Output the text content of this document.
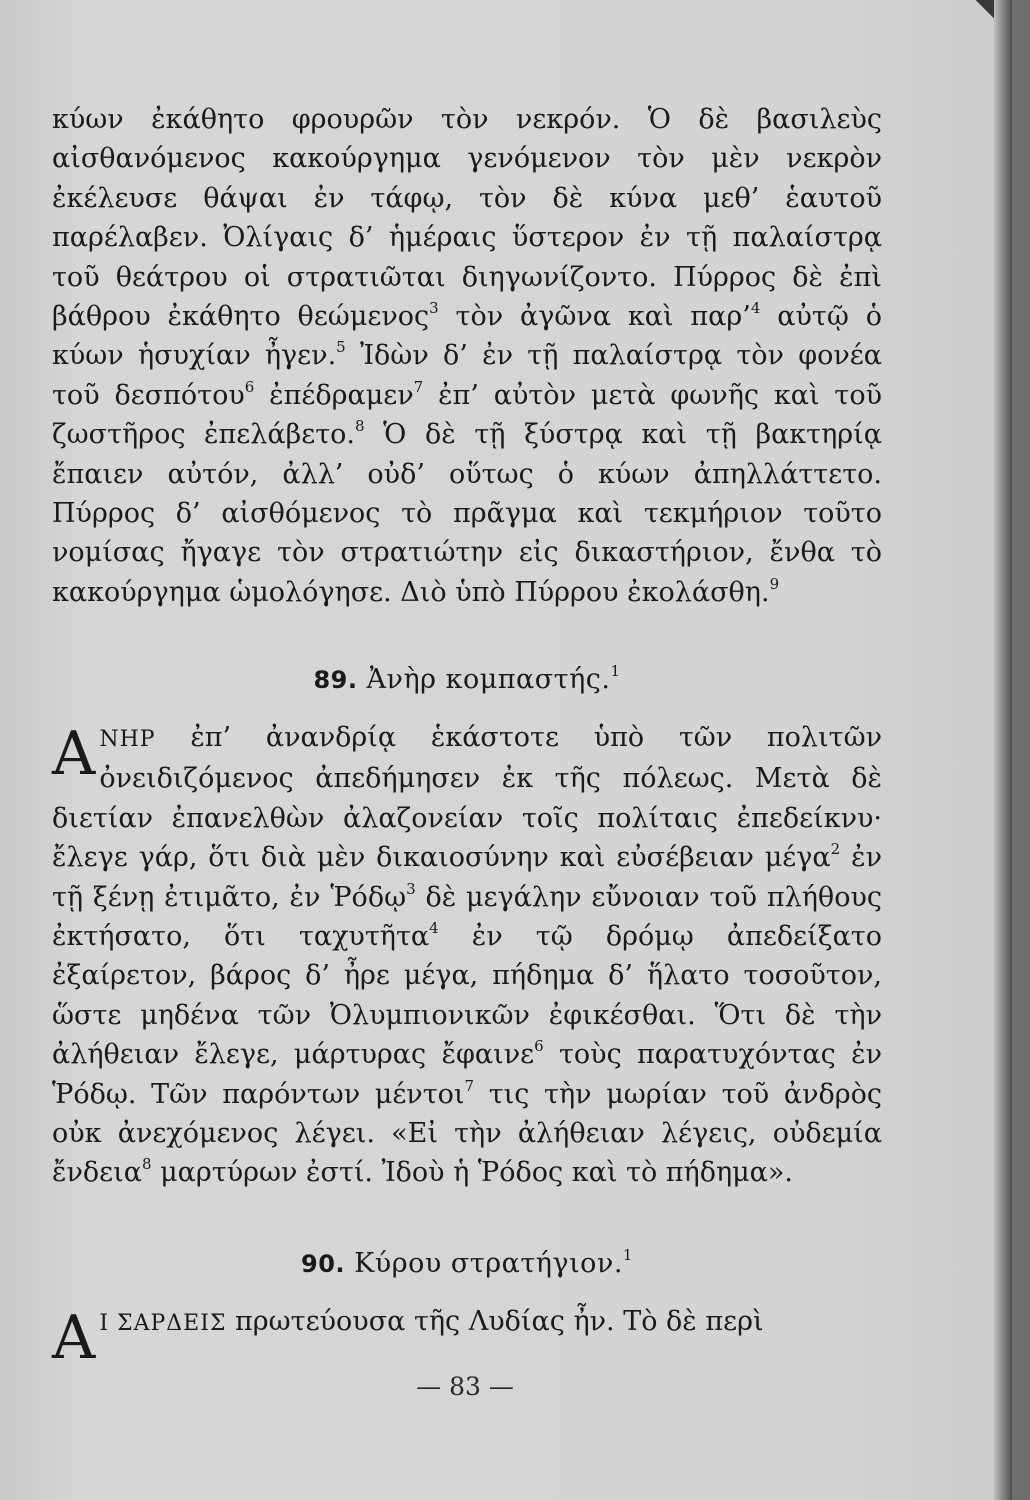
κύων ἐκάθητο φρουρῶν τὸν νεκρόν. Ὁ δὲ βασιλεὺς αἰσθανόμενος κακούργημα γενόμενον τὸν μὲν νεκρὸν ἐκέλευσε θάψαι ἐν τάφῳ, τὸν δὲ κύνα μεθ’ ἑαυτοῦ παρέλαβεν. Ὀλίγαις δ’ ἡμέραις ὕστερον ἐν τῇ παλαίστρᾳ τοῦ θεάτρου οἱ στρατιῶται διηγωνίζοντο. Πύρρος δὲ ἐπὶ βάθρου ἐκάθητο θεώμενος$^3$ τὸν ἀγῶνα καὶ παρ’$^4$ αὐτῷ ὁ κύων ἡσυχίαν ἦγεν.$^5$ Ἰδὼν δ’ ἐν τῇ παλαίστρᾳ τὸν φονέα τοῦ δεσπότου$^6$ ἐπέδραμεν$^7$ ἐπ’ αὐτὸν μετὰ φωνῆς καὶ τοῦ ζωστῆρος ἐπελάβετο.$^8$ Ὁ δὲ τῇ ξύστρᾳ καὶ τῇ βακτηρίᾳ ἔπαιεν αὐτόν, ἀλλ’ οὐδ’ οὕτως ὁ κύων ἀπηλλάττετο. Πύρρος δ’ αἰσθόμενος τὸ πρᾶγμα καὶ τεκμήριον τοῦτο νομίσας ἤγαγε τὸν στρατιώτην εἰς δικαστήριον, ἔνθα τὸ κακούργημα ὡμολόγησε. Διὸ ὑπὸ Πύρρου ἐκολάσθη.$^9$

89. Ἀνὴρ κομπαστής.$^1$

ΑΝΗΡ ἐπ’ ἀνανδρίᾳ ἑκάστοτε ὑπὸ τῶν πολιτῶν ὀνειδιζόμενος ἀπεδήμησεν ἐκ τῆς πόλεως. Μετὰ δὲ διετίαν ἐπανελθὼν ἀλαζονείαν τοῖς πολίταις ἐπεδείκνυ· ἔλεγε γάρ, ὅτι διὰ μὲν δικαιοσύνην καὶ εὐσέβειαν μέγα$^2$ ἐν τῇ ξένῃ ἐτιμᾶτο, ἐν Ῥόδῳ$^3$ δὲ μεγάλην εὔνοιαν τοῦ πλήθους ἐκτήσατο, ὅτι ταχυτῆτα$^4$ ἐν τῷ δρόμῳ ἀπεδείξατο ἐξαίρετον, βάρος δ’ ἦρε μέγα, πήδημα δ’ ἥλατο τοσοῦτον, ὥστε μηδένα τῶν Ὀλυμπιονικῶν ἐφικέσθαι. Ὅτι δὲ τὴν ἀλήθειαν ἔλεγε, μάρτυρας ἔφαινε$^6$ τοὺς παρατυχόντας ἐν Ῥόδῳ. Τῶν παρόντων μέντοι$^7$ τις τὴν μωρίαν τοῦ ἀνδρὸς οὐκ ἀνεχόμενος λέγει. «Εἰ τὴν ἀλήθειαν λέγεις, οὐδεμία ἔνδεια$^8$ μαρτύρων ἐστί. Ἰδοὺ ἡ Ῥόδος καὶ τὸ πήδημα».

90. Κύρου στρατήγιον.$^1$

Α Ι ΣΑΡΔΕΙΣ πρωτεύουσα τῆς Λυδίας ἦν. Τὸ δὲ περὶ

— 83 —
